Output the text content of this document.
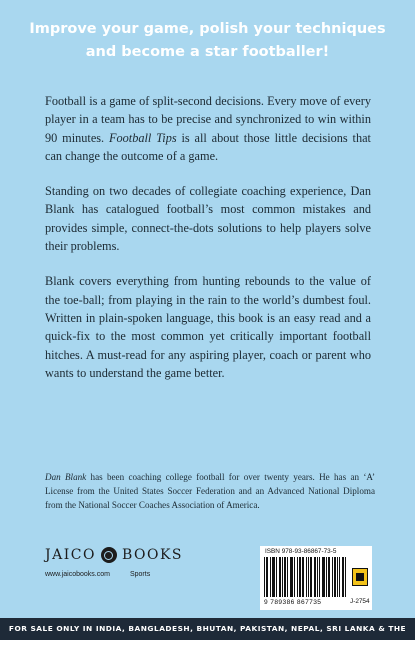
Improve your game, polish your techniques
and become a star footballer!

Football is a game of split-second decisions. Every move of every player in a team has to be precise and synchronized to win within 90 minutes. Football Tips is all about those little decisions that can change the outcome of a game.

Standing on two decades of collegiate coaching experience, Dan Blank has catalogued football’s most common mistakes and provides simple, connect-the-dots solutions to help players solve their problems.

Blank covers everything from hunting rebounds to the value of the toe-ball; from playing in the rain to the world’s dumbest foul. Written in plain-spoken language, this book is an easy read and a quick-fix to the most common yet critically important football hitches. A must-read for any aspiring player, coach or parent who wants to understand the game better.

Dan Blank has been coaching college football for over twenty years. He has an ‘A’ License from the United States Soccer Federation and an Advanced National Diploma from the National Soccer Coaches Association of America.
JAICO BOOKS
www.jaicobooks.com	Sports
ISBN 978-93-86867-73-5
9 789386 867735	J-2754
FOR SALE ONLY IN INDIA, BANGLADESH, BHUTAN, PAKISTAN, NEPAL, SRI LANKA & THE MALDIVES
